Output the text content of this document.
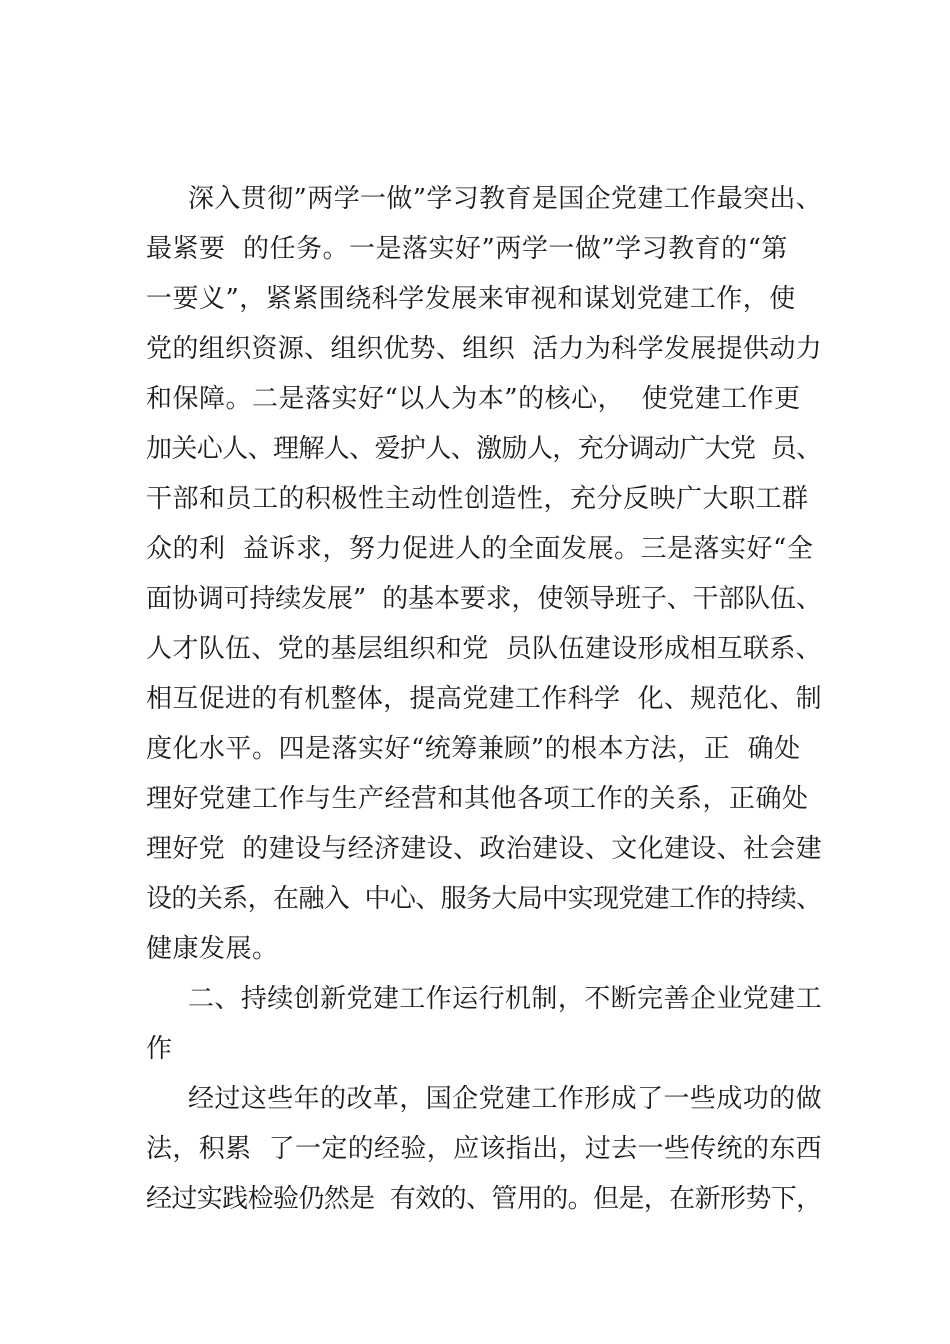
深入贯彻”两学一做”学习教育是国企党建工作最突出、
最紧要  的任务。一是落实好”两学一做”学习教育的“第
一要义”，紧紧围绕科学发展来审视和谋划党建工作，使
党的组织资源、组织优势、组织  活力为科学发展提供动力
和保障。二是落实好“以人为本”的核心，  使党建工作更
加关心人、理解人、爱护人、激励人，充分调动广大党  员、
干部和员工的积极性主动性创造性，充分反映广大职工群
众的利  益诉求，努力促进人的全面发展。三是落实好“全
面协调可持续发展”  的基本要求，使领导班子、干部队伍、
人才队伍、党的基层组织和党  员队伍建设形成相互联系、
相互促进的有机整体，提高党建工作科学  化、规范化、制
度化水平。四是落实好“统筹兼顾”的根本方法，正  确处
理好党建工作与生产经营和其他各项工作的关系，正确处
理好党  的建设与经济建设、政治建设、文化建设、社会建
设的关系，在融入  中心、服务大局中实现党建工作的持续、
健康发展。
二、持续创新党建工作运行机制，不断完善企业党建工
作
经过这些年的改革，国企党建工作形成了一些成功的做
法，积累  了一定的经验，应该指出，过去一些传统的东西
经过实践检验仍然是  有效的、管用的。但是，在新形势下，
